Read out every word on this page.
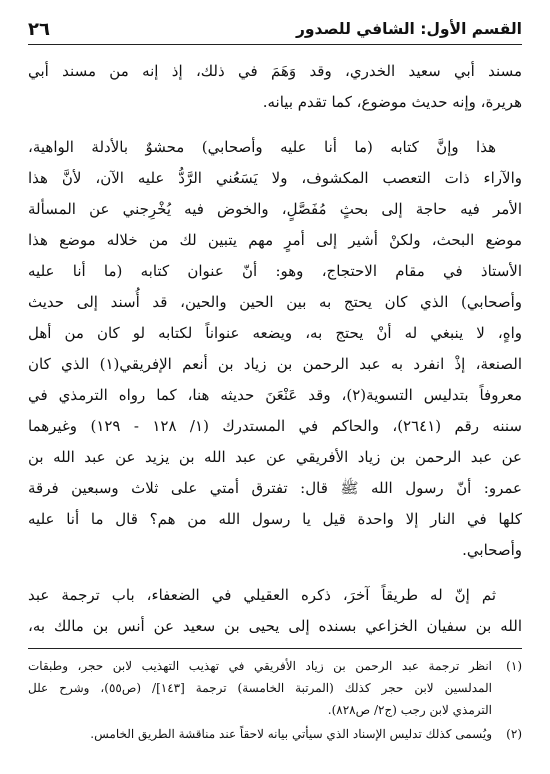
القسم الأول: الشافي للصدور
٢٦

مسند أبي سعيد الخدري، وقد وَهَمَ في ذلك، إذ إنه من مسند أبي
هريرة، وإنه حديث موضوع، كما تقدم بيانه.

هذا وإنَّ كتابه (ما أنا عليه وأصحابي) محشوٌ بالأدلة الواهية،
والآراء ذات التعصب المكشوف، ولا يَسَعُني الرَّدُّ عليه الآن، لأنَّ هذا
الأمر فيه حاجة إلى بحثٍ مُفَصَّلٍ، والخوض فيه يُخْرِجني عن المسألة
موضع البحث، ولكنْ أشير إلى أمرٍ مهم يتبين لك من خلاله موضع هذا
الأستاذ في مقام الاحتجاج، وهو: أنّ عنوان كتابه (ما أنا عليه
وأصحابي) الذي كان يحتج به بين الحين والحين، قد أُسند إلى حديث
واهٍ، لا ينبغي له أنْ يحتج به، ويضعه عنواناً لكتابه لو كان من أهل
الصنعة، إذْ انفرد به عبد الرحمن بن زياد بن أنعم الإفريقي(١) الذي كان
معروفاً بتدليس التسوية(٢)، وقد عَنْعَنَ حديثه هنا، كما رواه الترمذي في
سننه رقم (٢٦٤١)، والحاكم في المستدرك (١/ ١٢٨ - ١٢٩) وغيرهما
عن عبد الرحمن بن زياد الأفريقي عن عبد الله بن يزيد عن عبد الله بن
عمرو: أنّ رسول الله ﷺ قال: تفترق أمتي على ثلاث وسبعين فرقة
كلها في النار إلا واحدة قيل يا رسول الله من هم؟ قال ما أنا عليه
وأصحابي.

ثم إنّ له طريقاً آخرَ، ذكره العقيلي في الضعفاء، باب ترجمة عبد
الله بن سفيان الخزاعي بسنده إلى يحيى بن سعيد عن أنس بن مالك به،

(١)
انظر ترجمة عبد الرحمن بن زياد الأفريقي في تهذيب التهذيب لابن حجر، وطبقات
المدلسين لابن حجر كذلك (المرتبة الخامسة) ترجمة [١٤٣]/ (ص٥٥)، وشرح علل
الترمذي لابن رجب (ج٢/ ص٨٢٨).
(٢)
ويُسمى كذلك تدليس الإسناد الذي سيأتي بيانه لاحقاً عند مناقشة الطريق الخامس.
